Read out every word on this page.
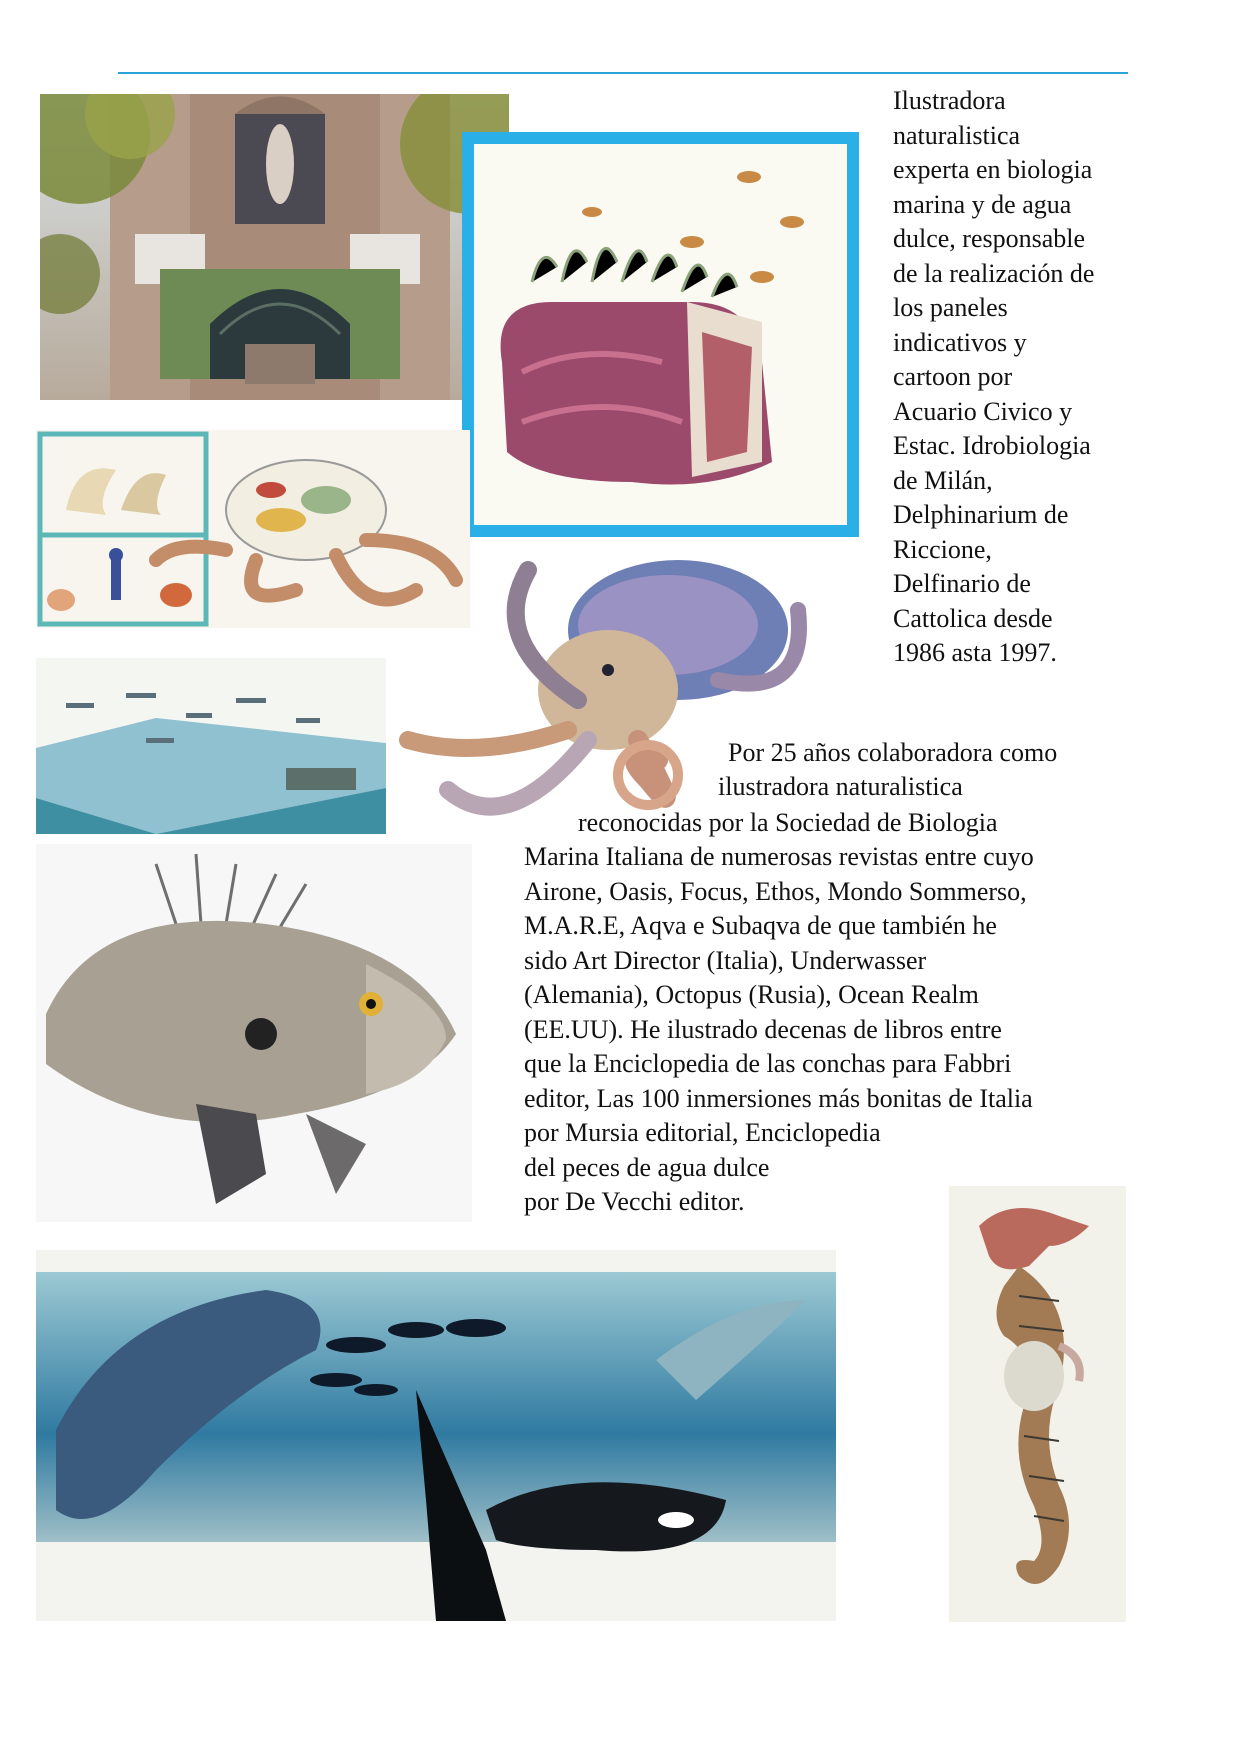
Ilustradora
naturalistica
experta en biologia
marina y de agua
dulce, responsable
de la realización de
los paneles
indicativos y
cartoon por
Acuario Civico y
Estac. Idrobiologia
de Milán,
Delphinarium de
Riccione,
Delfinario de
Cattolica desde
1986 asta 1997.
Por 25 años colaboradora como
ilustradora naturalistica
reconocidas por la Sociedad de Biologia
Marina Italiana de numerosas revistas entre cuyo
Airone, Oasis, Focus, Ethos, Mondo Sommerso,
M.A.R.E, Aqva e Subaqva de que también he
sido Art Director (Italia), Underwasser
(Alemania), Octopus (Rusia), Ocean Realm
(EE.UU). He ilustrado decenas de libros entre
que la Enciclopedia de las conchas para Fabbri
editor, Las 100 inmersiones más bonitas de Italia
por Mursia editorial, Enciclopedia
del peces de agua dulce
por De Vecchi editor.
